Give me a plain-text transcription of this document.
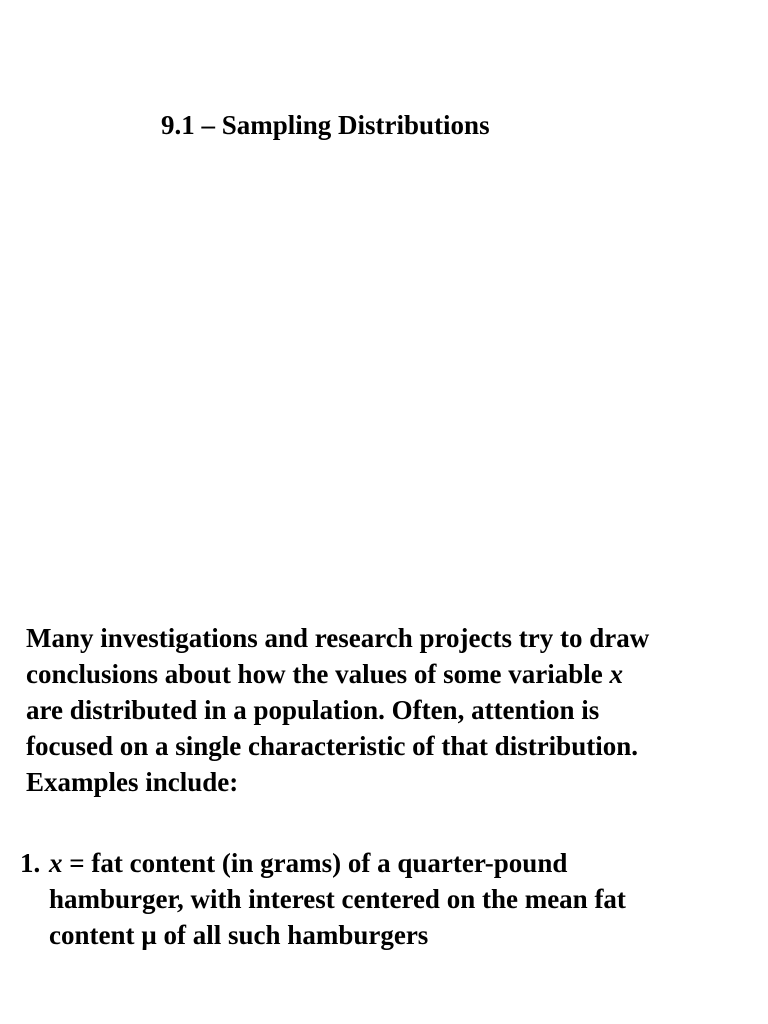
9.1 – Sampling Distributions
Many investigations and research projects try to draw
conclusions about how the values of some variable x
are distributed in a population. Often, attention is
focused on a single characteristic of that distribution.
Examples include:
1. x = fat content (in grams) of a quarter-pound
hamburger, with interest centered on the mean fat
content µ of all such hamburgers
